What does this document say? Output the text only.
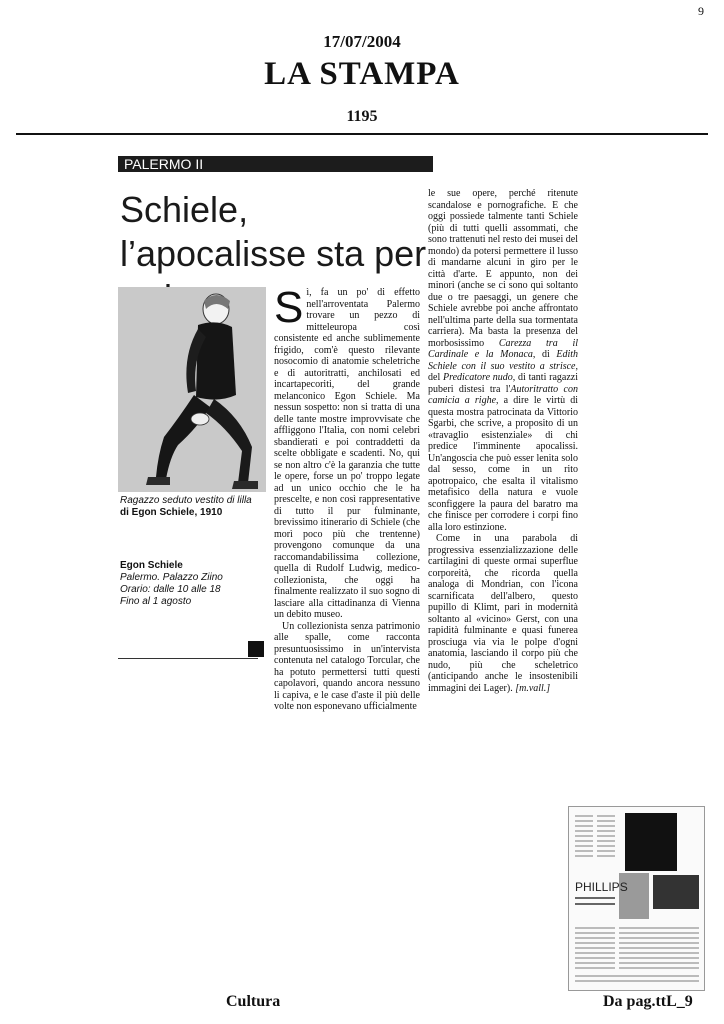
9
17/07/2004
LA STAMPA
1195
PALERMO II
Schiele, l’apocalisse sta per
Ragazzo seduto vestito di lilla
di Egon Schiele, 1910
Egon Schiele
Palermo. Palazzo Ziino
Orario: dalle 10 alle 18
Fino al 1 agosto

Sì, fa un po' di effetto nell'arroventata Palermo trovare un pezzo di mitteleuropa così consistente ed anche sublimemente frigido, com'è questo rilevante nosocomio di anatomie scheletriche e di autoritratti, anchilosati ed incartapecoriti, del grande melanconico Egon Schiele. Ma nessun sospetto: non si tratta di una delle tante mostre improvvisate che affliggono l'Italia, con nomi celebri sbandierati e poi contraddetti da scelte obbligate e scadenti. No, qui se non altro c'è la garanzia che tutte le opere, forse un po' troppo legate ad un unico occhio che le ha prescelte, e non così rappresentative di tutto il pur fulminante, brevissimo itinerario di Schiele (che morì poco più che trentenne) provengono comunque da una raccomandabilissima collezione, quella di Rudolf Ludwig, medico-collezionista, che oggi ha finalmente realizzato il suo sogno di lasciare alla cittadinanza di Vienna un debito museo.

Un collezionista senza patrimonio alle spalle, come racconta presuntuosissimo in un'intervista contenuta nel catalogo Torcular, che ha potuto permettersi tutti questi capolavori, quando ancora nessuno li capiva, e le case d'aste il più delle volte non esponevano ufficialmente

le sue opere, perché ritenute scandalose e pornografiche. E che oggi possiede talmente tanti Schiele (più di tutti quelli assommati, che sono trattenuti nel resto dei musei del mondo) da potersi permettere il lusso di mandarne alcuni in giro per le città d'arte. E appunto, non dei minori (anche se ci sono qui soltanto due o tre paesaggi, un genere che Schiele avrebbe poi anche affrontato nell'ultima parte della sua tormentata carriera). Ma basta la presenza del morbosissimo Carezza tra il Cardinale e la Monaca, di Edith Schiele con il suo vestito a strisce, del Predicatore nudo, di tanti ragazzi puberi distesi tra l'Autoritratto con camicia a righe, a dire le virtù di questa mostra patrocinata da Vittorio Sgarbi, che scrive, a proposito di un «travaglio esistenziale» di chi predice l'imminente apocalissi. Un'angoscia che può esser lenita solo dal sesso, come in un rito apotropaico, che esalta il vitalismo metafisico della natura e vuole sconfiggere la paura del baratro ma che finisce per corrodere i corpi fino alla loro estinzione.

Come in una parabola di progressiva essenzializzazione delle cartilagini di queste ormai superflue corporeità, che ricorda quella analoga di Mondrian, con l'icona scarnificata dell'albero, questo pupillo di Klimt, pari in modernità soltanto al «vicino» Gerst, con una rapidità fulminante e quasi funerea prosciuga via via le polpe d'ogni anatomia, lasciando il corpo più che nudo, più che scheletrico (anticipando anche le insostenibili immagini dei Lager). [m.vall.]

PHILLIPS
Cultura	Da pag.ttL_9
